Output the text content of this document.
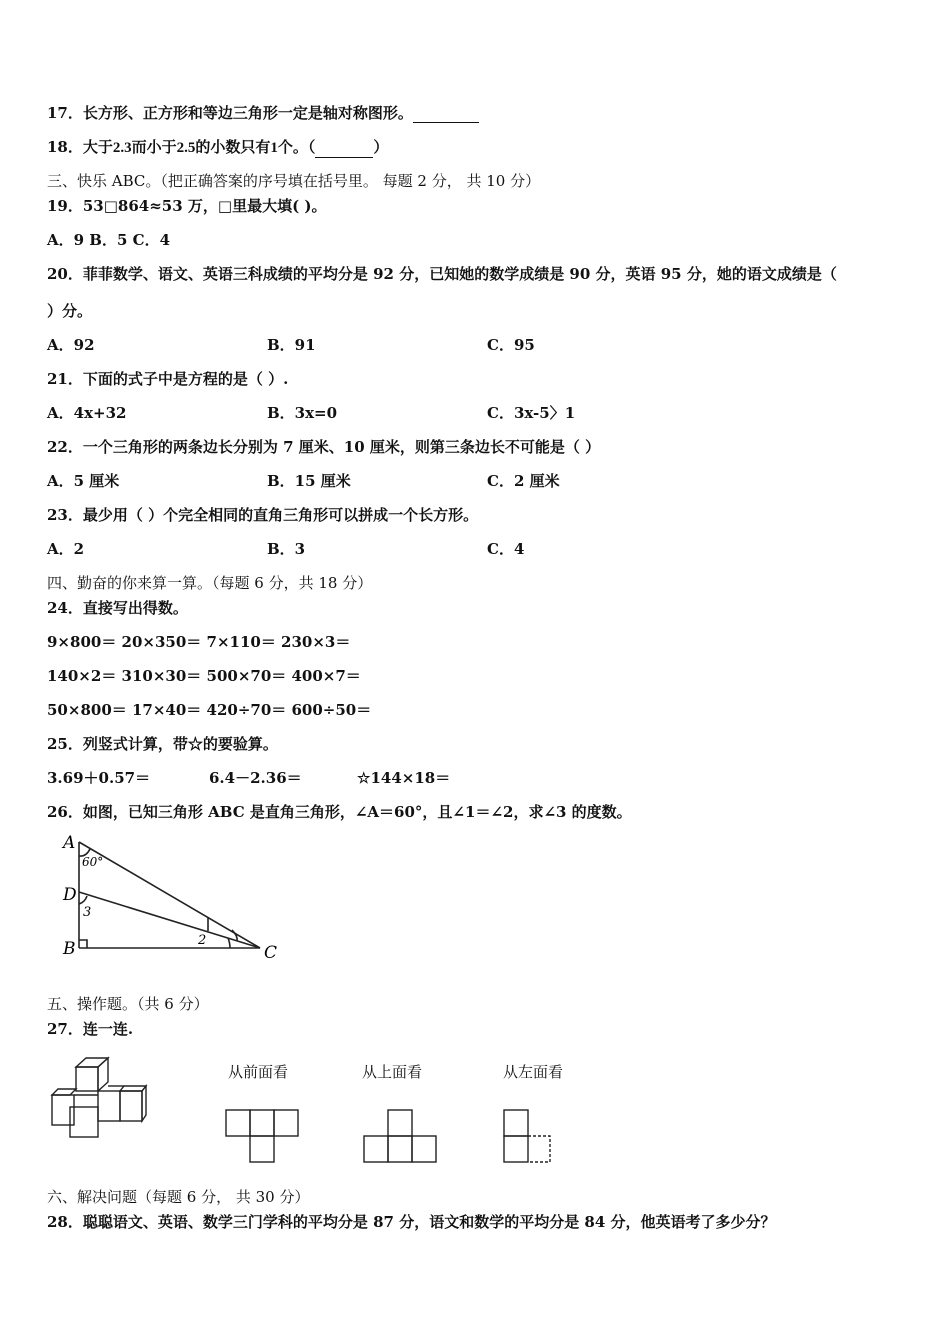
17．长方形、正方形和等边三角形一定是轴对称图形。
18．大于2.3而小于2.5的小数只有1个。（	）
三、快乐 ABC。（把正确答案的序号填在括号里。 每题 2 分， 共 10 分）
19．53□864≈53 万，□里最大填( )。
A．9 B．5 C．4
20．菲菲数学、语文、英语三科成绩的平均分是 92 分，已知她的数学成绩是 90 分，英语 95 分，她的语文成绩是（
）分。
A．92	B．91	C．95
21．下面的式子中是方程的是（ ）.
A．4x+32	B．3x=0	C．3x-5〉1
22．一个三角形的两条边长分别为 7 厘米、10 厘米，则第三条边长不可能是（ ）
A．5 厘米	B．15 厘米	C．2 厘米
23．最少用（ ）个完全相同的直角三角形可以拼成一个长方形。
A．2	B．3	C．4
四、勤奋的你来算一算。（每题 6 分，共 18 分）
24．直接写出得数。
9×800＝ 20×350＝ 7×110＝ 230×3＝
140×2＝ 310×30＝ 500×70＝ 400×7＝
50×800＝ 17×40＝ 420÷70＝ 600÷50＝
25．列竖式计算，带☆的要验算。
3.69＋0.57＝	6.4－2.36＝	☆144×18＝
26．如图，已知三角形 ABC 是直角三角形，∠A＝60°，且∠1＝∠2，求∠3 的度数。
A
D
B	C
60°
3
2
五、操作题。（共 6 分）
27．连一连.
从前面看	从上面看	从左面看
六、解决问题（每题 6 分， 共 30 分）
28．聪聪语文、英语、数学三门学科的平均分是 87 分，语文和数学的平均分是 84 分，他英语考了多少分？
